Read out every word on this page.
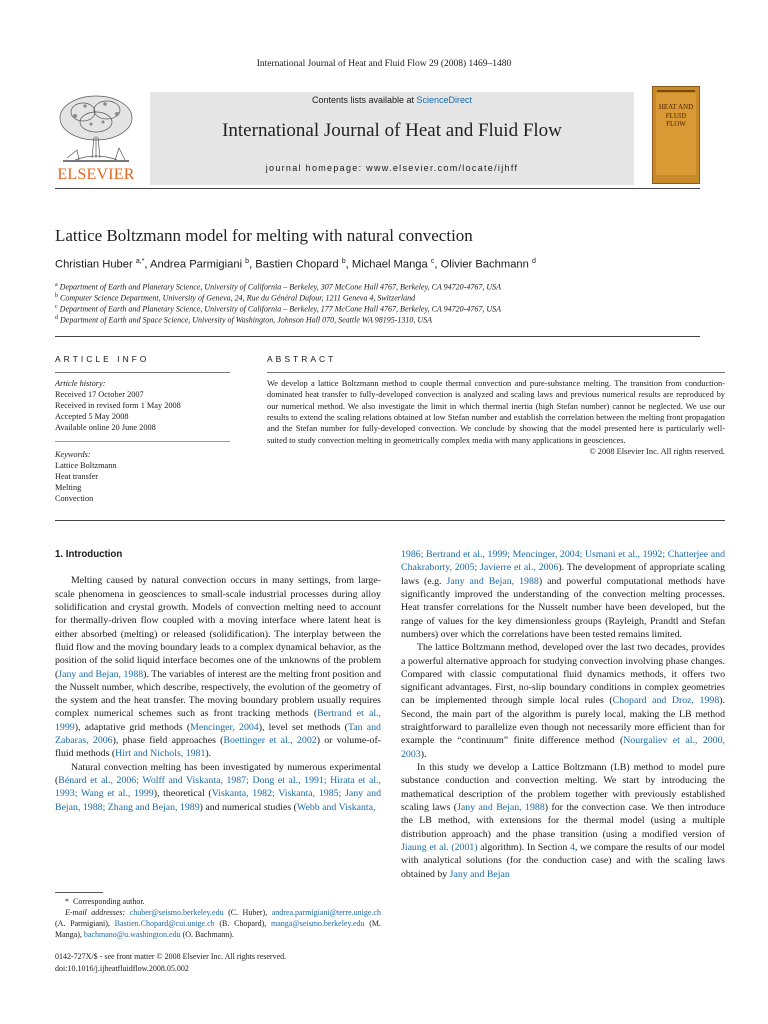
International Journal of Heat and Fluid Flow 29 (2008) 1469–1480
ELSEVIER
Contents lists available at ScienceDirect
International Journal of Heat and Fluid Flow
journal homepage: www.elsevier.com/locate/ijhff
HEAT AND
FLUID FLOW
Lattice Boltzmann model for melting with natural convection
Christian Huber $^{a,*}$, Andrea Parmigiani $^b$, Bastien Chopard $^b$, Michael Manga $^c$, Olivier Bachmann $^d$
$^a$ Department of Earth and Planetary Science, University of California – Berkeley, 307 McCone Hall 4767, Berkeley, CA 94720-4767, USA
$^b$ Computer Science Department, University of Geneva, 24, Rue du Général Dufour, 1211 Geneva 4, Switzerland
$^c$ Department of Earth and Planetary Science, University of California – Berkeley, 177 McCone Hall 4767, Berkeley, CA 94720-4767, USA
$^d$ Department of Earth and Space Science, University of Washington, Johnson Hall 070, Seattle WA 98195-1310, USA
ARTICLE INFO
Article history:
Received 17 October 2007
Received in revised form 1 May 2008
Accepted 5 May 2008
Available online 20 June 2008
Keywords:
Lattice Boltzmann
Heat transfer
Melting
Convection
ABSTRACT
We develop a lattice Boltzmann method to couple thermal convection and pure-substance melting. The transition from conduction-dominated heat transfer to fully-developed convection is analyzed and scaling laws and previous numerical results are reproduced by our numerical method. We also investigate the limit in which thermal inertia (high Stefan number) cannot be neglected. We use our results to extend the scaling relations obtained at low Stefan number and establish the correlation between the melting front propagation and the Stefan number for fully-developed convection. We conclude by showing that the model presented here is particularly well-suited to study convection melting in geometrically complex media with many applications in geosciences.
© 2008 Elsevier Inc. All rights reserved.

1. Introduction

Melting caused by natural convection occurs in many settings, from large-scale phenomena in geosciences to small-scale industrial processes during alloy solidification and crystal growth. Models of convection melting need to account for thermally-driven flow coupled with a moving interface where latent heat is either absorbed (melting) or released (solidification). The interplay between the fluid flow and the moving boundary leads to a complex dynamical behavior, as the position of the solid liquid interface becomes one of the unknowns of the problem (Jany and Bejan, 1988). The variables of interest are the melting front position and the Nusselt number, which describe, respectively, the evolution of the geometry of the system and the heat transfer. The moving boundary problem usually requires complex numerical schemes such as front tracking methods (Bertrand et al., 1999), adaptative grid methods (Mencinger, 2004), level set methods (Tan and Zabaras, 2006), phase field approaches (Boettinger et al., 2002) or volume-of-fluid methods (Hirt and Nichols, 1981).

Natural convection melting has been investigated by numerous experimental (Bénard et al., 2006; Wolff and Viskanta, 1987; Dong et al., 1991; Hirata et al., 1993; Wang et al., 1999), theoretical (Viskanta, 1982; Viskanta, 1985; Jany and Bejan, 1988; Zhang and Bejan, 1989) and numerical studies (Webb and Viskanta,

1986; Bertrand et al., 1999; Mencinger, 2004; Usmani et al., 1992; Chatterjee and Chakraborty, 2005; Javierre et al., 2006). The development of appropriate scaling laws (e.g. Jany and Bejan, 1988) and powerful computational methods have significantly improved the understanding of the convection melting processes. Heat transfer correlations for the Nusselt number have been developed, but the range of values for the key dimensionless groups (Rayleigh, Prandtl and Stefan numbers) over which the correlations have been tested remains limited.

The lattice Boltzmann method, developed over the last two decades, provides a powerful alternative approach for studying convection involving phase changes. Compared with classic computational fluid dynamics methods, it offers two significant advantages. First, no-slip boundary conditions in complex geometries can be implemented through simple local rules (Chopard and Droz, 1998). Second, the main part of the algorithm is purely local, making the LB method straightforward to parallelize even though not necessarily more efficient than for example the “continuum” finite difference method (Nourgaliev et al., 2000, 2003).

In this study we develop a Lattice Boltzmann (LB) method to model pure substance conduction and convection melting. We start by introducing the mathematical description of the problem together with previously established scaling laws (Jany and Bejan, 1988) for the convection case. We then introduce the LB method, with extensions for the thermal model (using a multiple distribution approach) and the phase transition (using a modified version of Jiaung et al. (2001) algorithm). In Section 4, we compare the results of our model with analytical solutions (for the conduction case) and with the scaling laws obtained by Jany and Bejan

* Corresponding author.
E-mail addresses: chuber@seismo.berkeley.edu (C. Huber), andrea.parmigiani@terre.unige.ch (A. Parmigiani), Bastien.Chopard@cui.unige.ch (B. Chopard), manga@seismo.berkeley.edu (M. Manga), bachmano@u.washington.edu (O. Bachmann).
0142-727X/$ - see front matter © 2008 Elsevier Inc. All rights reserved.
doi:10.1016/j.ijheatfluidflow.2008.05.002
